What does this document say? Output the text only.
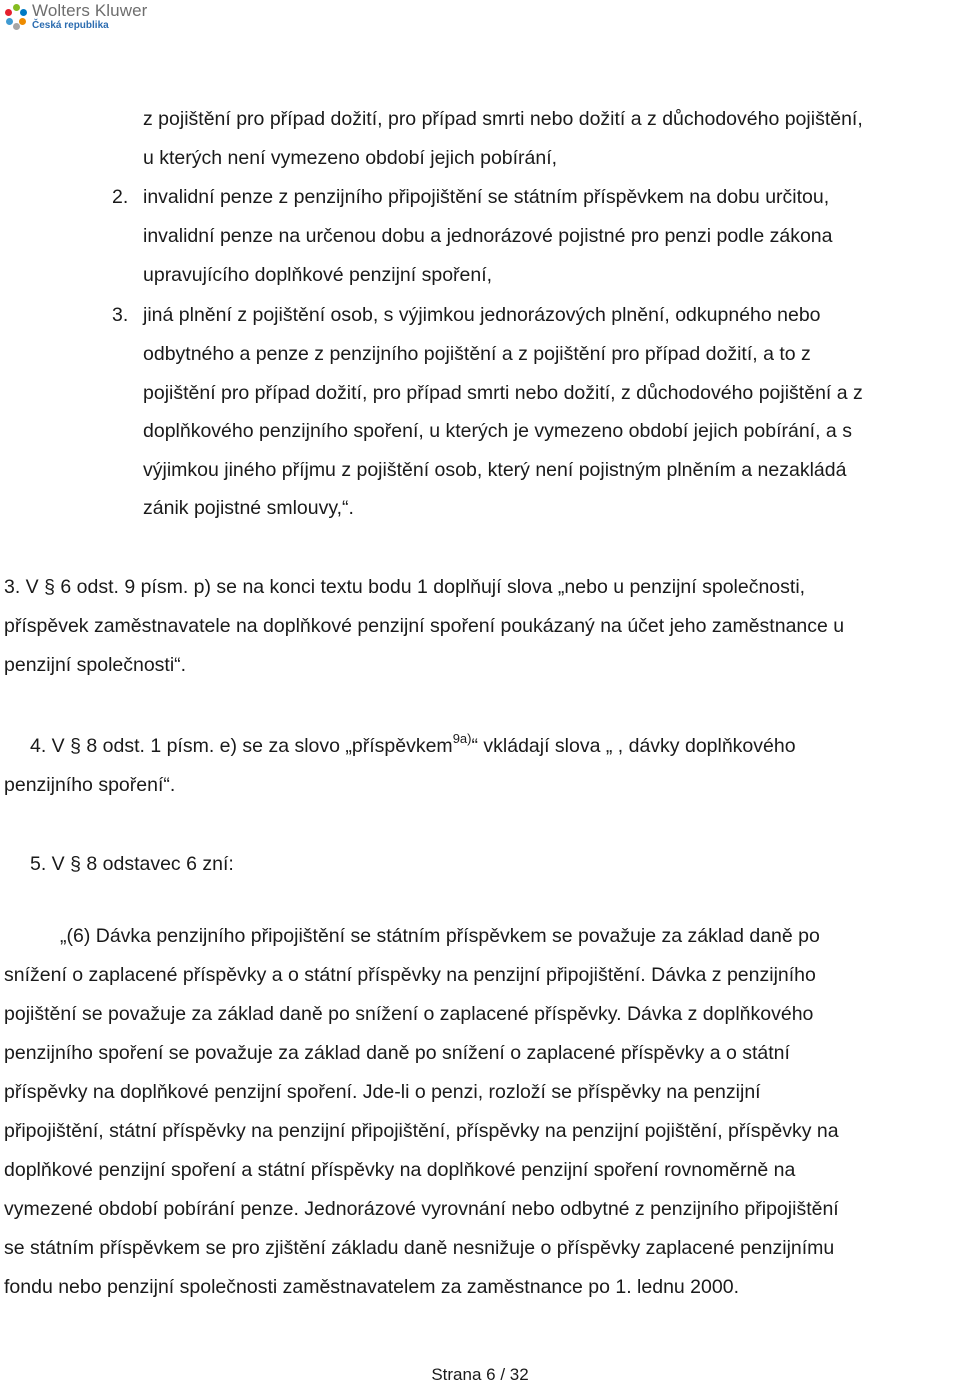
Wolters Kluwer
Česká republika

z pojištění pro případ dožití, pro případ smrti nebo dožití a z důchodového pojištění,

u kterých není vymezeno období jejich pobírání,

2. invalidní penze z penzijního připojištění se státním příspěvkem na dobu určitou,

invalidní penze na určenou dobu a jednorázové pojistné pro penzi podle zákona

upravujícího doplňkové penzijní spoření,

3. jiná plnění z pojištění osob, s výjimkou jednorázových plnění, odkupného nebo

odbytného a penze z penzijního pojištění a z pojištění pro případ dožití, a to z

pojištění pro případ dožití, pro případ smrti nebo dožití, z důchodového pojištění a z

doplňkového penzijního spoření, u kterých je vymezeno období jejich pobírání, a s

výjimkou jiného příjmu z pojištění osob, který není pojistným plněním a nezakládá

zánik pojistné smlouvy,“.

3. V § 6 odst. 9 písm. p) se na konci textu bodu 1 doplňují slova „nebo u penzijní společnosti,

příspěvek zaměstnavatele na doplňkové penzijní spoření poukázaný na účet jeho zaměstnance u

penzijní společnosti“.

4. V § 8 odst. 1 písm. e) se za slovo „příspěvkem$^{9a)}$“ vkládají slova „ , dávky doplňkového

penzijního spoření“.

5. V § 8 odstavec 6 zní:

„(6) Dávka penzijního připojištění se státním příspěvkem se považuje za základ daně po

snížení o zaplacené příspěvky a o státní příspěvky na penzijní připojištění. Dávka z penzijního

pojištění se považuje za základ daně po snížení o zaplacené příspěvky. Dávka z doplňkového

penzijního spoření se považuje za základ daně po snížení o zaplacené příspěvky a o státní

příspěvky na doplňkové penzijní spoření. Jde-li o penzi, rozloží se příspěvky na penzijní

připojištění, státní příspěvky na penzijní připojištění, příspěvky na penzijní pojištění, příspěvky na

doplňkové penzijní spoření a státní příspěvky na doplňkové penzijní spoření rovnoměrně na

vymezené období pobírání penze. Jednorázové vyrovnání nebo odbytné z penzijního připojištění

se státním příspěvkem se pro zjištění základu daně nesnižuje o příspěvky zaplacené penzijnímu

fondu nebo penzijní společnosti zaměstnavatelem za zaměstnance po 1. lednu 2000.

Strana 6 / 32
